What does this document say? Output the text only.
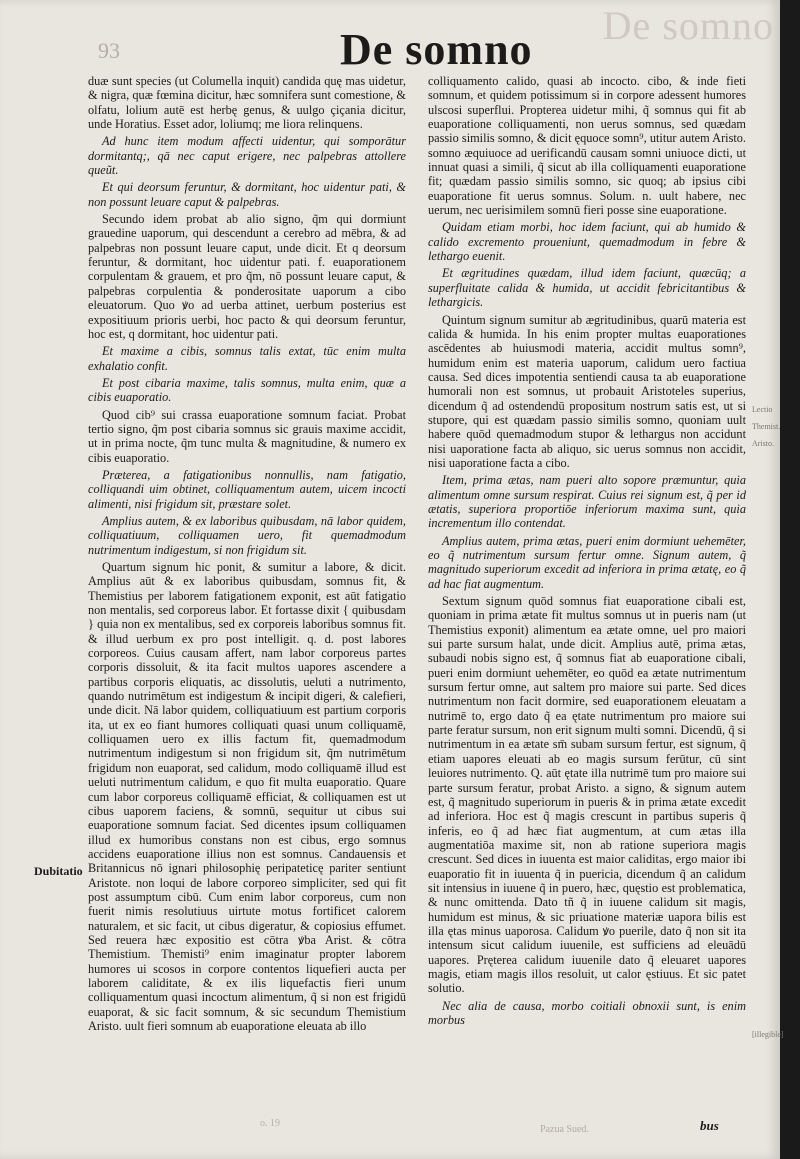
De somno
93	De somno

duæ sunt species (ut Columella inquit) candida quę mas uidetur, & nigra, quæ fœmina dicitur, hæc somnifera sunt comestione, & olfatu, lolium autē est herbę genus, & uulgo çiçania dicitur, unde Horatius. Esset ador, loliumq; me liora relinquens.

Ad hunc item modum affecti uidentur, qui somporātur dormitantq;, qā nec caput erigere, nec palpebras attollere queũt.

Et qui deorsum feruntur, & dormitant, hoc uidentur pati, & non possunt leuare caput & palpebras.

Secundo idem probat ab alio signo, q̃m qui dormiunt grauedine uaporum, qui descendunt a cerebro ad mēbra, & ad palpebras non possunt leuare caput, unde dicit. Et q deorsum feruntur, & dormitant, hoc uidentur pati. f. euaporationem corpulentam & grauem, et pro q̃m, nō possunt leuare caput, & palpebras corpulentia & ponderositate uaporum a cibo eleuatorum. Quo ꝟo ad uerba attinet, uerbum posterius est expositiuum prioris uerbi, hoc pacto & qui deorsum feruntur, hoc est, q dormitant, hoc uidentur pati.

Et maxime a cibis, somnus talis extat, tūc enim multa exhalatio confit.

Et post cibaria maxime, talis somnus, multa enim, quæ a cibis euaporatio.

Quod cib⁹ sui crassa euaporatione somnum faciat. Probat tertio signo, q̃m post cibaria somnus sic grauis maxime accidit, ut in prima nocte, q̃m tunc multa & magnitudine, & numero ex cibis euaporatio.

Præterea, a fatigationibus nonnullis, nam fatigatio, colliquandi uim obtinet, colliquamentum autem, uicem incocti alimenti, nisi frigidum sit, præstare solet.

Amplius autem, & ex laboribus quibusdam, nā labor quidem, colliquatiuum, colliquamen uero, fit quemadmodum nutrimentum indigestum, si non frigidum sit.

Quartum signum hic ponit, & sumitur a labore, & dicit. Amplius aūt & ex laboribus quibusdam, somnus fit, & Themistius per laborem fatigationem exponit, est aūt fatigatio non mentalis, sed corporeus labor. Et fortasse dixit { quibusdam } quia non ex mentalibus, sed ex corporeis laboribus somnus fit. & illud uerbum ex pro post intelligit. q. d. post labores corporeos. Cuius causam affert, nam labor corporeus partes corporis dissoluit, & ita facit multos uapores ascendere a partibus corporis eliquatis, ac dissolutis, ueluti a nutrimento, quando nutrimētum est indigestum & incipit digeri, & calefieri, unde dicit. Nā labor quidem, colliquatiuum est partium corporis ita, ut ex eo fiant humores colliquati quasi unum colliquamē, colliquamen uero ex illis factum fit, quemadmodum nutrimentum indigestum si non frigidum sit, q̃m nutrimētum frigidum non euaporat, sed calidum, modo colliquamē illud est ueluti nutrimentum calidum, e quo fit multa euaporatio. Quare cum labor corporeus colliquamē efficiat, & colliquamen est ut cibus uaporem faciens, & somnū, sequitur ut cibus sui euaporatione somnum faciat. Sed dicentes ipsum colliquamen illud ex humoribus constans non est cibus, ergo somnus accidens euaporatione illius non est somnus. Candauensis et Britannicus nō ignari philosophię peripateticę pariter sentiunt Aristote. non loqui de labore corporeo simpliciter, sed qui fit post assumptum cibū. Cum enim labor corporeus, cum non fuerit nimis resolutiuus uirtute motus fortificet calorem naturalem, et sic facit, ut cibus digeratur, & copiosius effumet. Sed reuera hæc expositio est cōtra ꝟba Arist. & cōtra Themistium. Themisti⁹ enim imaginatur propter laborem humores ui scosos in corpore contentos liquefieri aucta per laborem caliditate, & ex ilis liquefactis fieri unum colliquamentum quasi incoctum alimentum, q̃ si non est frigidū euaporat, & sic facit somnum, & sic secundum Themistium Aristo. uult fieri somnum ab euaporatione eleuata ab illo

colliquamento calido, quasi ab incocto. cibo, & inde fieti somnum, et quidem potissimum si in corpore adessent humores ulscosi superflui. Propterea uidetur mihi, q̃ somnus qui fit ab euaporatione colliquamenti, non uerus somnus, sed quædam passio similis somno, & dicit ęquoce somn⁹, utitur autem Aristo. somno æquiuoce ad uerificandū causam somni uniuoce dicti, ut innuat quasi a simili, q̃ sicut ab illa colliquamenti euaporatione fit; quædam passio similis somno, sic quoq; ab ipsius cibi euaporatione fit uerus somnus. Solum. n. uult habere, nec uerum, nec uerisimilem somnū fieri posse sine euaporatione.

Quidam etiam morbi, hoc idem faciunt, qui ab humido & calido excremento proueniunt, quemadmodum in febre & lethargo euenit.

Et ægritudines quædam, illud idem faciunt, quæcūq; a superfluitate calida & humida, ut accidit febricitantibus & lethargicis.

Quintum signum sumitur ab ægritudinibus, quarū materia est calida & humida. In his enim propter multas euaporationes ascēdentes ab huiusmodi materia, accidit multus somn⁹, humidum enim est materia uaporum, calidum uero factiua causa. Sed dices impotentia sentiendi causa ta ab euaporatione humorali non est somnus, ut probauit Aristoteles superius, dicendum q̃ ad ostendendū propositum nostrum satis est, ut si stupore, qui est quædam passio similis somno, quoniam uult habere quōd quemadmodum stupor & lethargus non accidunt nisi uaporatione facta ab aliquo, sic uerus somnus non accidit, nisi uaporatione facta a cibo.

Item, prima ætas, nam pueri alto sopore præmuntur, quia alimentum omne sursum respirat. Cuius rei signum est, q̃ per id ætatis, superiora proportiōe inferiorum maxima sunt, quia incrementum illo contendat.

Amplius autem, prima ætas, pueri enim dormiunt uehemēter, eo q̃ nutrimentum sursum fertur omne. Signum autem, q̃ magnitudo superiorum excedit ad inferiora in prima ætatę, eo q̃ ad hac fiat augmentum.

Sextum signum quōd somnus fiat euaporatione cibali est, quoniam in prima ætate fit multus somnus ut in pueris nam (ut Themistius exponit) alimentum ea ætate omne, uel pro maiori sui parte sursum halat, unde dicit. Amplius autē, prima ætas, subaudi nobis signo est, q̃ somnus fiat ab euaporatione cibali, pueri enim dormiunt uehemēter, eo quōd ea ætate nutrimentum sursum fertur omne, aut saltem pro maiore sui parte. Sed dices nutrimentum non facit dormire, sed euaporationem eleuatam a nutrimē to, ergo dato q̃ ea ętate nutrimentum pro maiore sui parte feratur sursum, non erit signum multi somni. Dicendū, q̃ si nutrimentum in ea ætate sm̄ subam sursum fertur, est signum, q̃ etiam uapores eleuati ab eo magis sursum ferūtur, cū sint leuiores nutrimento. Q. aūt ętate illa nutrimē tum pro maiore sui parte sursum feratur, probat Aristo. a signo, & signum autem est, q̃ magnitudo superiorum in pueris & in prima ætate excedit ad inferiora. Hoc est q̃ magis crescunt in partibus superis q̃ inferis, eo q̃ ad hæc fiat augmentum, at cum ætas illa augmentatiōa maxime sit, non ab ratione superiora magis crescunt. Sed dices in iuuenta est maior caliditas, ergo maior ibi euaporatio fit in iuuenta q̃ in puericia, dicendum q̃ an calidum sit intensius in iuuene q̃ in puero, hæc, quęstio est problematica, & nunc omittenda. Dato tñ q̃ in iuuene calidum sit magis, humidum est minus, & sic priuatione materiæ uapora bilis est illa ętas minus uaporosa. Calidum ꝟo puerile, dato q̃ non sit ita intensum sicut calidum iuuenile, est sufficiens ad eleuādū uapores. Pręterea calidum iuuenile dato q̃ eleuaret uapores magis, etiam magis illos resoluit, ut calor ęstiuus. Et sic patet solutio.

Nec alia de causa, morbo coitiali obnoxii sunt, is enim morbus

Dubitatio
Lectio
Themist.
Aristo.
[illegible]
o. 19
Pazua Sued.	bus
